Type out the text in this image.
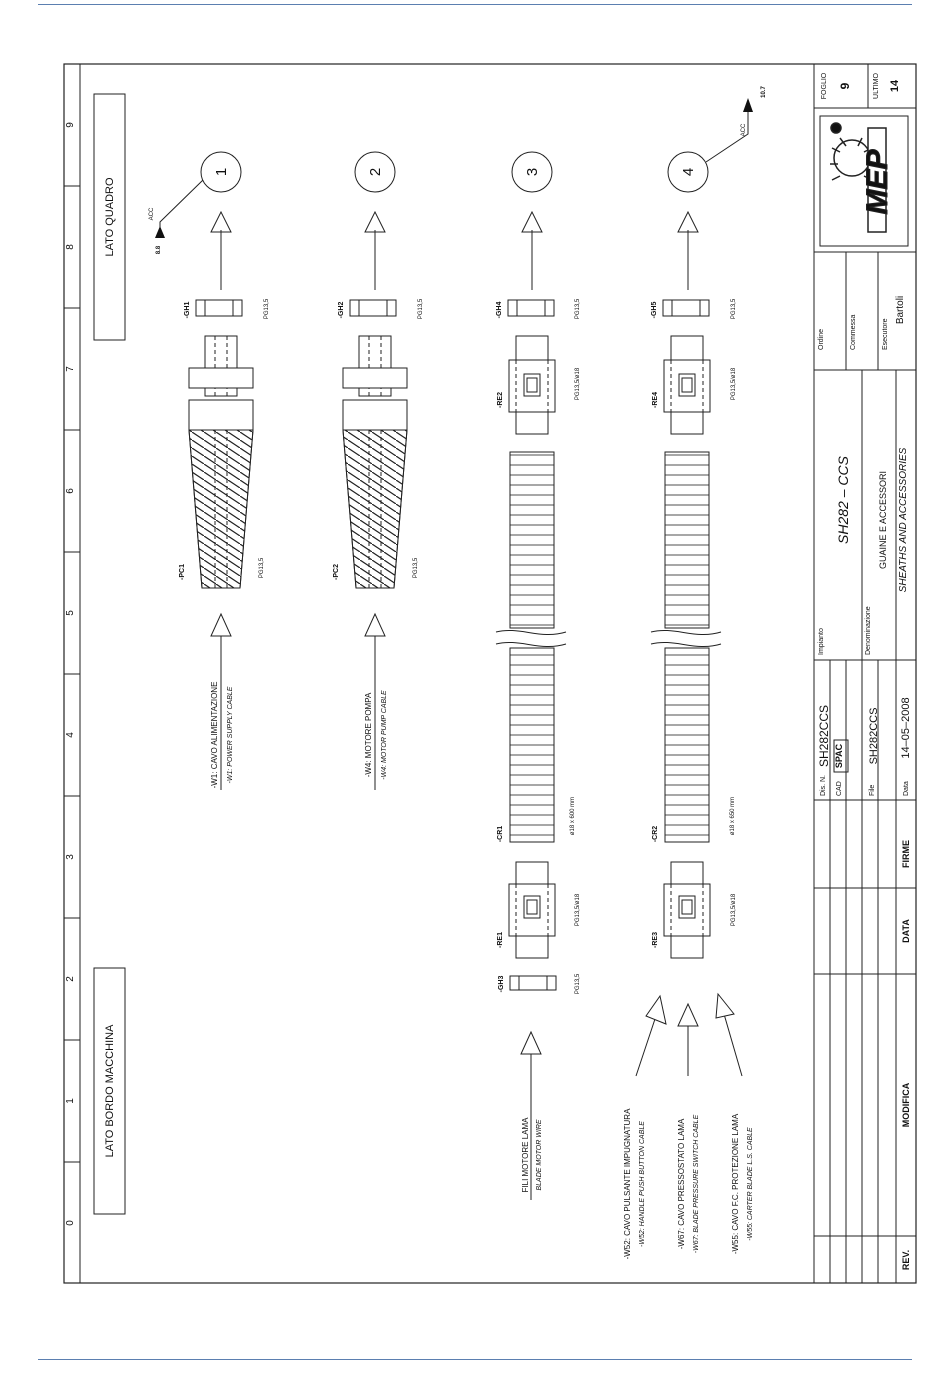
9
8
7
6
5
4
3
2
1
0
LATO QUADRO
LATO BORDO MACCHINA
1	2	3	4
ACC
8.8
ACC
10.7
-GH1	-GH2	-GH4	-GH5
PG13,5	PG13,5	PG13,5	PG13,5
-PC1	-PC2
PG13,5	PG13,5
-W1: CAVO ALIMENTAZIONE -W1: POWER SUPPLY CABLE	-W4: MOTORE POMPA -W4: MOTOR PUMP CABLE
-RE2	-RE4
PG13,5/ø18	PG13,5/ø18
-CR1	-CR2
ø18 x 600 mm	ø18 x 650 mm
-RE1	-RE3
PG13,5/ø18	PG13,5/ø18
-GH3	PG13,5
FILI MOTORE LAMA BLADE MOTOR WIRE	-W52: CAVO PULSANTE IMPUGNATURA -W52: HANDLE PUSH BUTTON CABLE	-W67: CAVO PRESSOSTATO LAMA -W67: BLADE PRESSURE SWITCH CABLE	-W55: CAVO F.C. PROTEZIONE LAMA -W55: CARTER BLADE L.S. CABLE
MEP
FOGLIO 9	ULTIMO 14
Ordine	Commessa	Esecutore
Bartoli
Impianto
SH282 – CCS
Denominazione
GUAINE E ACCESSORI SHEATHS AND ACCESSORIES
Dis. N.
SH282CCS
CAD
SPAC
File
SH282CCS
Data
14–05–2008
REV.
MODIFICA
DATA
FIRME
